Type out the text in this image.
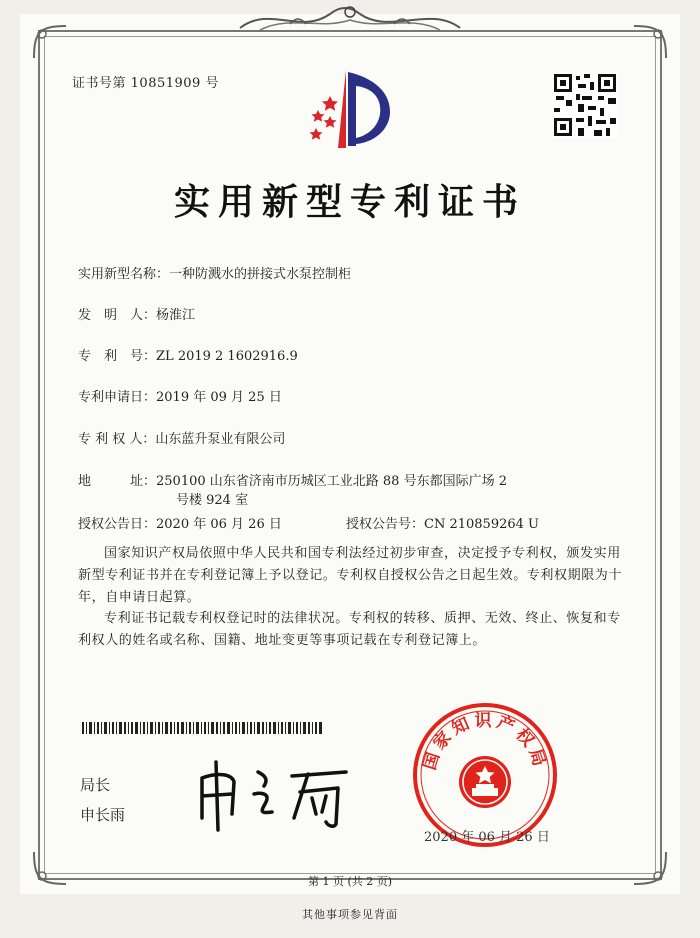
证书号第 10851909 号
实用新型专利证书
实用新型名称：一种防溅水的拼接式水泵控制柜
发　明　人：杨淮江
专　利　号：ZL 2019 2 1602916.9
专利申请日：2019 年 09 月 25 日
专 利 权 人：山东蓝升泵业有限公司
地　　　址：250100 山东省济南市历城区工业北路 88 号东都国际广场 2
号楼 924 室
授权公告日：2020 年 06 月 26 日	授权公告号：CN 210859264 U
国家知识产权局依照中华人民共和国专利法经过初步审查，决定授予专利权，颁发实用新型专利证书并在专利登记簿上予以登记。专利权自授权公告之日起生效。专利权期限为十年，自申请日起算。
专利证书记载专利权登记时的法律状况。专利权的转移、质押、无效、终止、恢复和专利权人的姓名或名称、国籍、地址变更等事项记载在专利登记簿上。
局长
申长雨
国家知识产权局
2020 年 06 月 26 日
第 1 页 (共 2 页)
其他事项参见背面
